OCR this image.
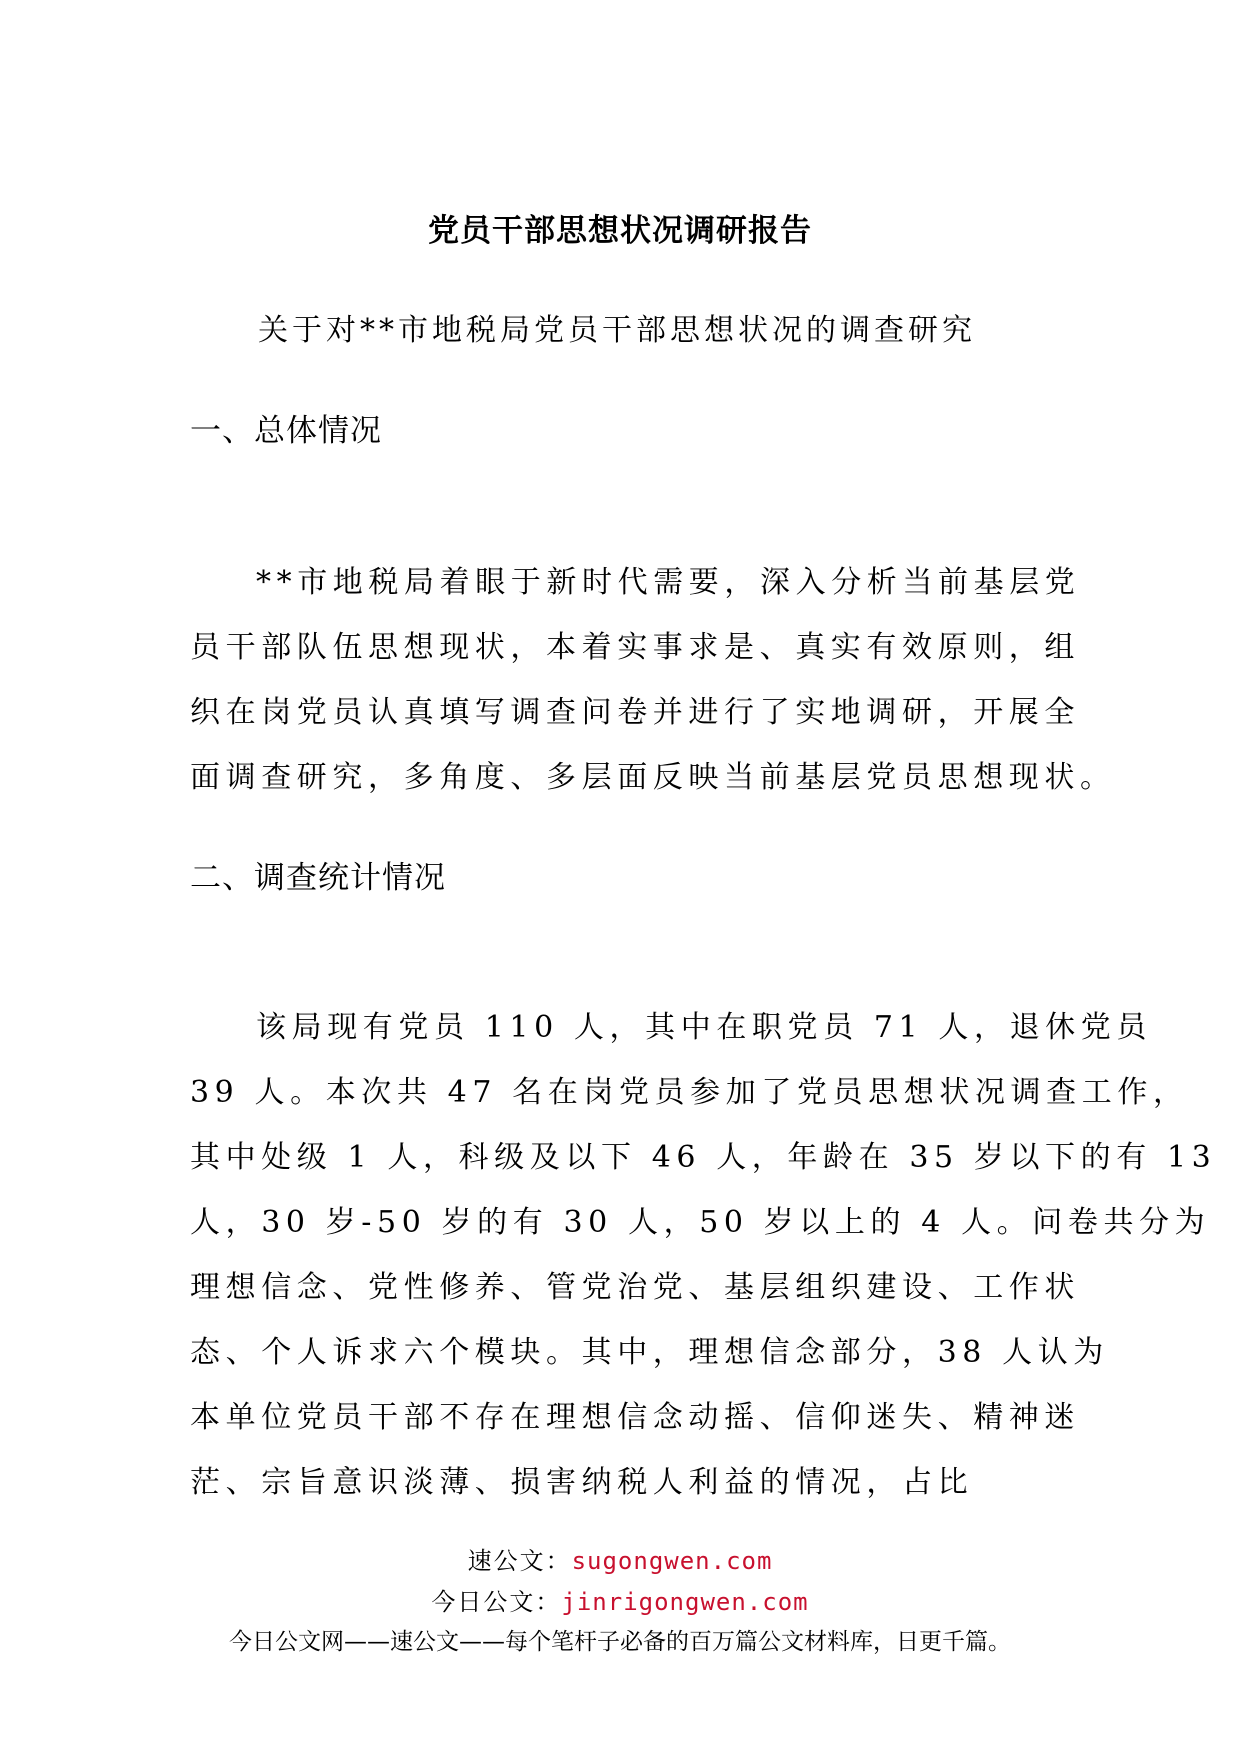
党员干部思想状况调研报告
关于对**市地税局党员干部思想状况的调查研究
一、总体情况
**市地税局着眼于新时代需要，深入分析当前基层党
员干部队伍思想现状，本着实事求是、真实有效原则，组
织在岗党员认真填写调查问卷并进行了实地调研，开展全
面调查研究，多角度、多层面反映当前基层党员思想现状。
二、调查统计情况
该局现有党员 110 人，其中在职党员 71 人，退休党员
39 人。本次共 47 名在岗党员参加了党员思想状况调查工作，
其中处级 1 人，科级及以下 46 人，年龄在 35 岁以下的有 13
人，30 岁-50 岁的有 30 人，50 岁以上的 4 人。问卷共分为
理想信念、党性修养、管党治党、基层组织建设、工作状
态、个人诉求六个模块。其中，理想信念部分，38 人认为
本单位党员干部不存在理想信念动摇、信仰迷失、精神迷
茫、宗旨意识淡薄、损害纳税人利益的情况，占比
速公文：sugongwen.com
今日公文：jinrigongwen.com
今日公文网——速公文——每个笔杆子必备的百万篇公文材料库，日更千篇。
